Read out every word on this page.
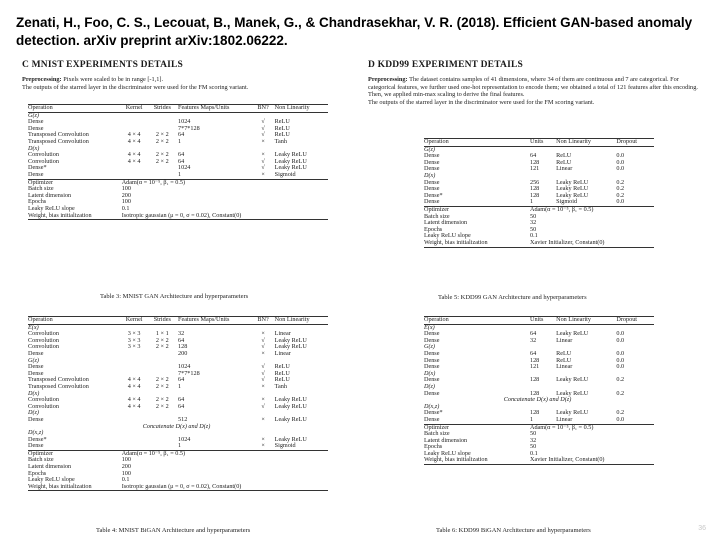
Zenati, H., Foo, C. S., Lecouat, B., Manek, G., & Chandrasekhar, V. R. (2018). Efficient GAN-based anomaly detection. arXiv preprint arXiv:1802.06222.
C MNIST EXPERIMENTS DETAILS
Preprocessing: Pixels were scaled to be in range [-1,1].
The outputs of the starred layer in the discriminator were used for the FM scoring variant.
Operation	Kernel	Strides	Features Maps/Units	BN?	Non Linearity
G(z)					
Dense			1024	√	ReLU
Dense			7*7*128	√	ReLU
Transposed Convolution	4 × 4	2 × 2	64	√	ReLU
Transposed Convolution	4 × 4	2 × 2	1	×	Tanh
D(x)					
Convolution	4 × 4	2 × 2	64	×	Leaky ReLU
Convolution	4 × 4	2 × 2	64	√	Leaky ReLU
Dense*			1024	√	Leaky ReLU
Dense			1	×	Sigmoid
Optimizer	Adam(α = 10⁻⁵, β₁ = 0.5)				
Batch size	100				
Latent dimension	200				
Epochs	100				
Leaky ReLU slope	0.1				
Weight, bias initialization	Isotropic gaussian (μ = 0, σ = 0.02), Constant(0)				
Table 3: MNIST GAN Architecture and hyperparameters
Operation	Kernel	Strides	Features Maps/Units	BN?	Non Linearity
E(x)					
Convolution	3 × 3	1 × 1	32	×	Linear
Convolution	3 × 3	2 × 2	64	√	Leaky ReLU
Convolution	3 × 3	2 × 2	128	√	Leaky ReLU
Dense			200	×	Linear
G(z)					
Dense			1024	√	ReLU
Dense			7*7*128	√	ReLU
Transposed Convolution	4 × 4	2 × 2	64	√	ReLU
Transposed Convolution	4 × 4	2 × 2	1	×	Tanh
D(x)					
Convolution	4 × 4	2 × 2	64	×	Leaky ReLU
Convolution	4 × 4	2 × 2	64	√	Leaky ReLU
D(z)					
Dense			512	×	Leaky ReLU
Concatenate D(x) and D(z)					
D(x,z)					
Dense*			1024	×	Leaky ReLU
Dense			1	×	Sigmoid
Optimizer	Adam(α = 10⁻⁵, β₁ = 0.5)				
Batch size	100				
Latent dimension	200				
Epochs	100				
Leaky ReLU slope	0.1				
Weight, bias initialization	Isotropic gaussian (μ = 0, σ = 0.02), Constant(0)				
Table 4: MNIST BiGAN Architecture and hyperparameters
D KDD99 EXPERIMENT DETAILS
Preprocessing: The dataset contains samples of 41 dimensions, where 34 of them are continuous and 7 are categorical. For categorical features, we further used one-hot representation to encode them; we obtained a total of 121 features after this encoding. Then, we applied min-max scaling to derive the final features.
The outputs of the starred layer in the discriminator were used for the FM scoring variant.
Operation	Units	Non Linearity	Dropout
G(z)			
Dense	64	ReLU	0.0
Dense	128	ReLU	0.0
Dense	121	Linear	0.0
D(x)			
Dense	256	Leaky ReLU	0.2
Dense	128	Leaky ReLU	0.2
Dense*	128	Leaky ReLU	0.2
Dense	1	Sigmoid	0.0
Optimizer	Adam(α = 10⁻⁵, β₁ = 0.5)		
Batch size	50		
Latent dimension	32		
Epochs	50		
Leaky ReLU slope	0.1		
Weight, bias initialization	Xavier Initializer, Constant(0)		
Table 5: KDD99 GAN Architecture and hyperparameters
Operation	Units	Non Linearity	Dropout
E(x)			
Dense	64	Leaky ReLU	0.0
Dense	32	Linear	0.0
G(z)			
Dense	64	ReLU	0.0
Dense	128	ReLU	0.0
Dense	121	Linear	0.0
D(x)			
Dense	128	Leaky ReLU	0.2
D(z)			
Dense	128	Leaky ReLU	0.2
Concatenate D(x) and D(z)			
D(x,z)			
Dense*	128	Leaky ReLU	0.2
Dense	1	Linear	0.0
Optimizer	Adam(α = 10⁻⁵, β₁ = 0.5)		
Batch size	50		
Latent dimension	32		
Epochs	50		
Leaky ReLU slope	0.1		
Weight, bias initialization	Xavier Initializer, Constant(0)		
Table 6: KDD99 BiGAN Architecture and hyperparameters	36
